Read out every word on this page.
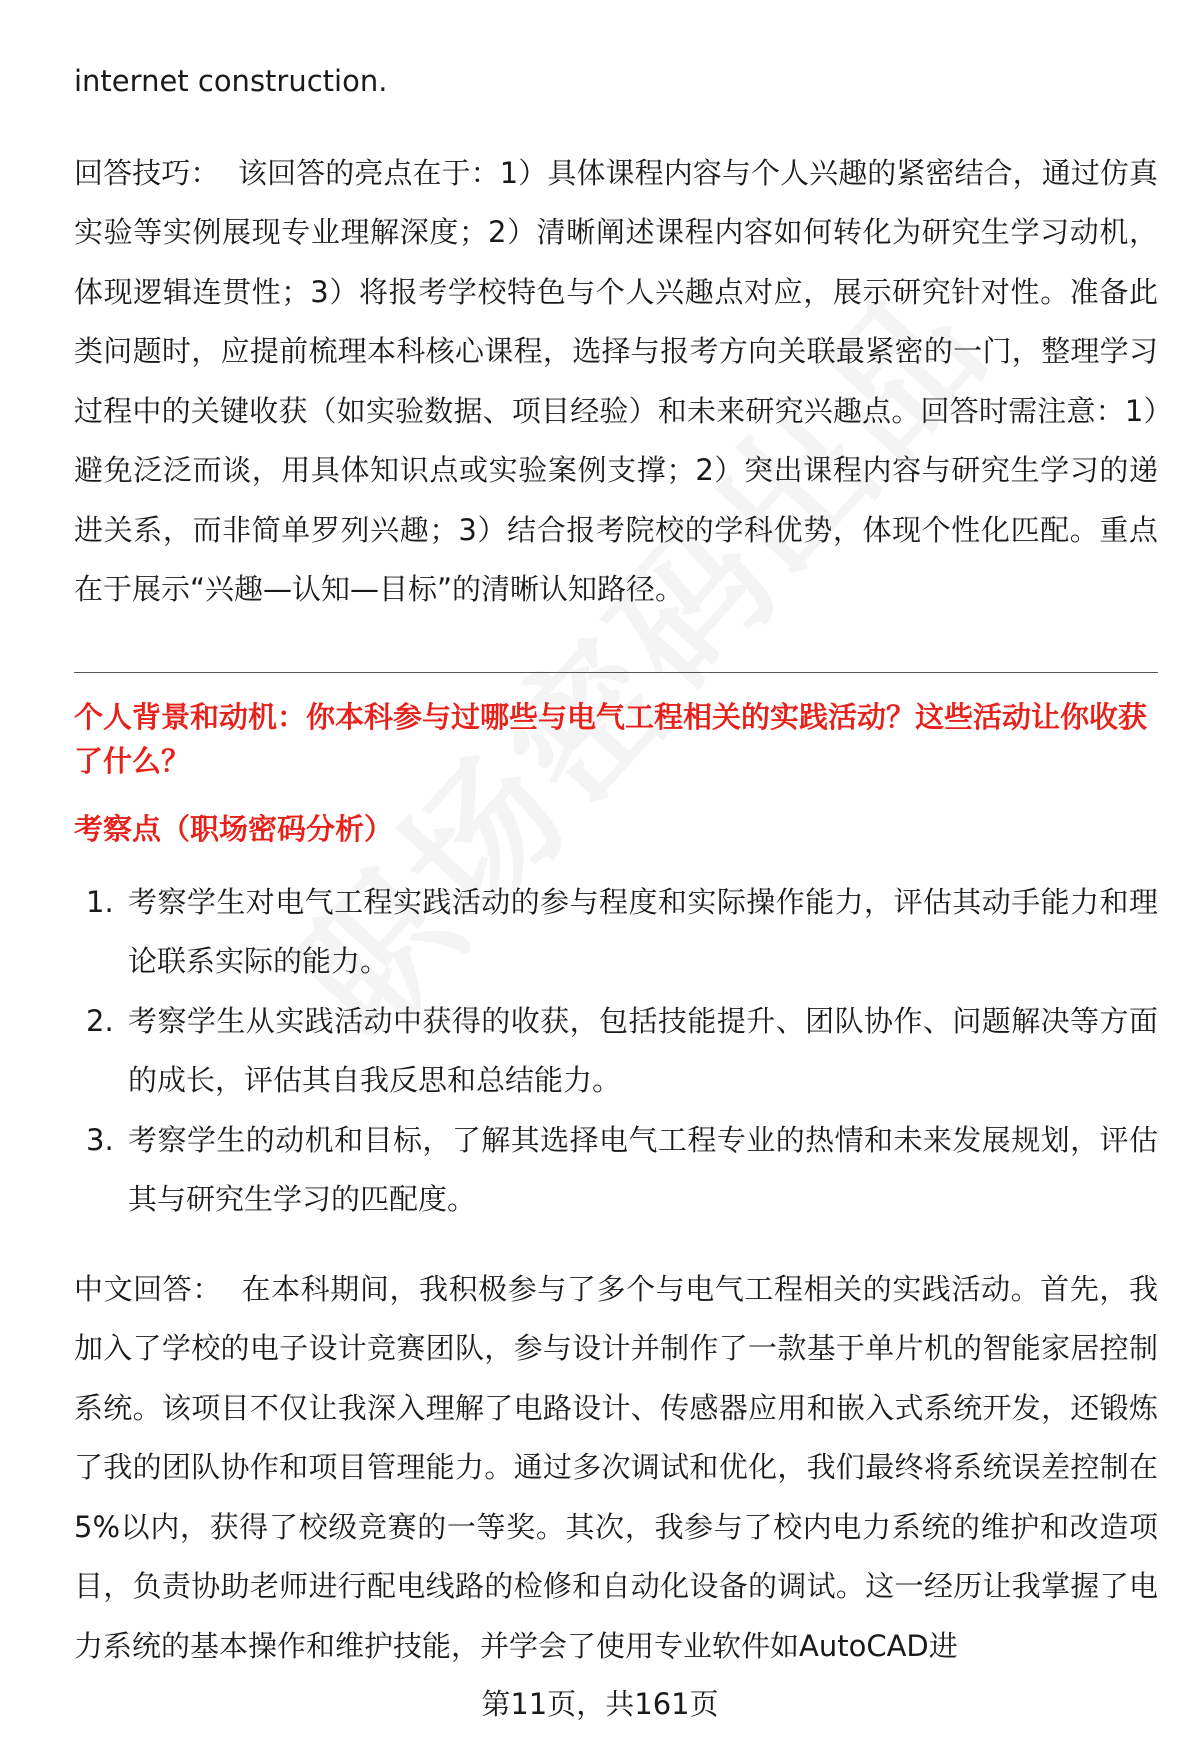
internet construction.

回答技巧： 该回答的亮点在于：1）具体课程内容与个人兴趣的紧密结合，通过仿真实验等实例展现专业理解深度；2）清晰阐述课程内容如何转化为研究生学习动机，体现逻辑连贯性；3）将报考学校特色与个人兴趣点对应，展示研究针对性。准备此类问题时，应提前梳理本科核心课程，选择与报考方向关联最紧密的一门，整理学习过程中的关键收获（如实验数据、项目经验）和未来研究兴趣点。回答时需注意：1）避免泛泛而谈，用具体知识点或实验案例支撑；2）突出课程内容与研究生学习的递进关系，而非简单罗列兴趣；3）结合报考院校的学科优势，体现个性化匹配。重点在于展示“兴趣—认知—目标”的清晰认知路径。

个人背景和动机：你本科参与过哪些与电气工程相关的实践活动？这些活动让你收获了什么？

考察点（职场密码分析）

1. 考察学生对电气工程实践活动的参与程度和实际操作能力，评估其动手能力和理论联系实际的能力。
2. 考察学生从实践活动中获得的收获，包括技能提升、团队协作、问题解决等方面的成长，评估其自我反思和总结能力。
3. 考察学生的动机和目标，了解其选择电气工程专业的热情和未来发展规划，评估其与研究生学习的匹配度。

中文回答： 在本科期间，我积极参与了多个与电气工程相关的实践活动。首先，我加入了学校的电子设计竞赛团队，参与设计并制作了一款基于单片机的智能家居控制系统。该项目不仅让我深入理解了电路设计、传感器应用和嵌入式系统开发，还锻炼了我的团队协作和项目管理能力。通过多次调试和优化，我们最终将系统误差控制在5%以内，获得了校级竞赛的一等奖。其次，我参与了校内电力系统的维护和改造项目，负责协助老师进行配电线路的检修和自动化设备的调试。这一经历让我掌握了电力系统的基本操作和维护技能，并学会了使用专业软件如AutoCAD进

第11页，共161页
